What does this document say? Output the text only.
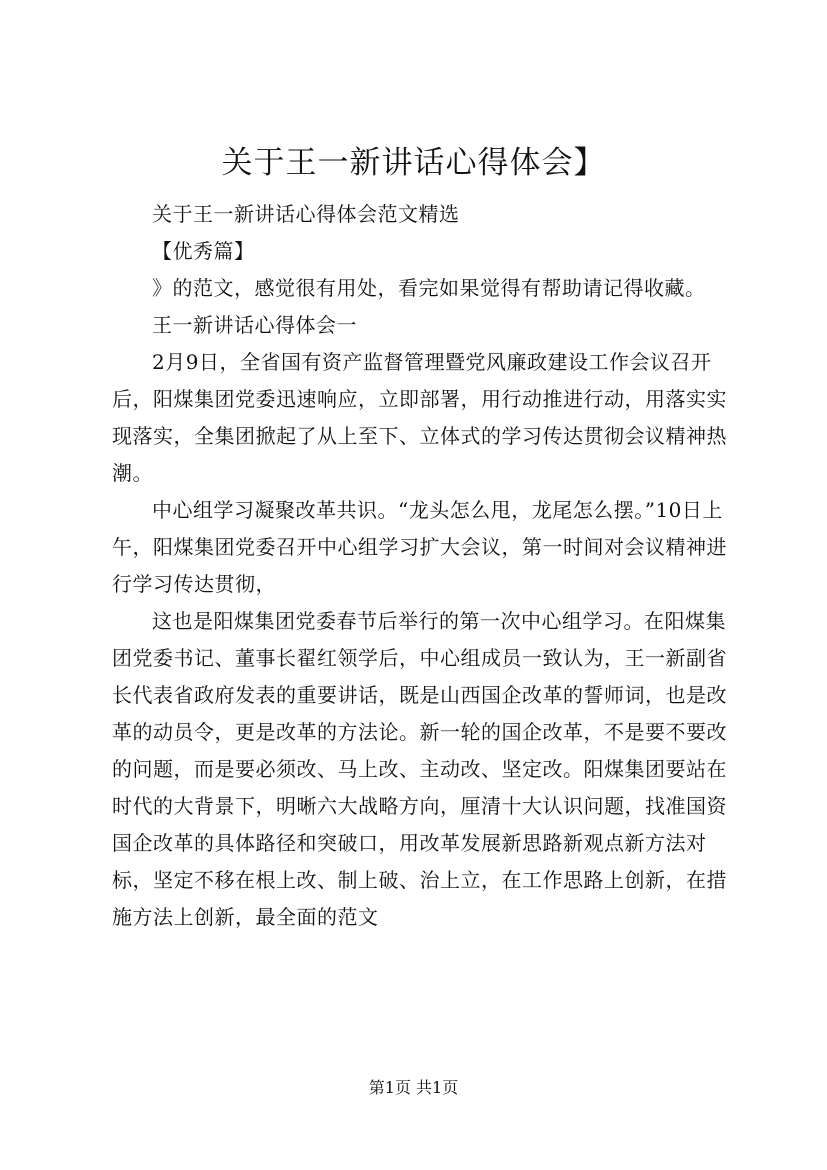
关于王一新讲话心得体会】

关于王一新讲话心得体会范文精选

【优秀篇】

》的范文，感觉很有用处，看完如果觉得有帮助请记得收藏。

王一新讲话心得体会一

2月9日，全省国有资产监督管理暨党风廉政建设工作会议召开后，阳煤集团党委迅速响应，立即部署，用行动推进行动，用落实实现落实，全集团掀起了从上至下、立体式的学习传达贯彻会议精神热潮。

中心组学习凝聚改革共识。“龙头怎么甩，龙尾怎么摆。”10日上午，阳煤集团党委召开中心组学习扩大会议，第一时间对会议精神进行学习传达贯彻，

这也是阳煤集团党委春节后举行的第一次中心组学习。在阳煤集团党委书记、董事长翟红领学后，中心组成员一致认为，王一新副省长代表省政府发表的重要讲话，既是山西国企改革的誓师词，也是改革的动员令，更是改革的方法论。新一轮的国企改革，不是要不要改的问题，而是要必须改、马上改、主动改、坚定改。阳煤集团要站在时代的大背景下，明晰六大战略方向，厘清十大认识问题，找准国资国企改革的具体路径和突破口，用改革发展新思路新观点新方法对标，坚定不移在根上改、制上破、治上立，在工作思路上创新，在措施方法上创新，最全面的范文

第1页 共1页
